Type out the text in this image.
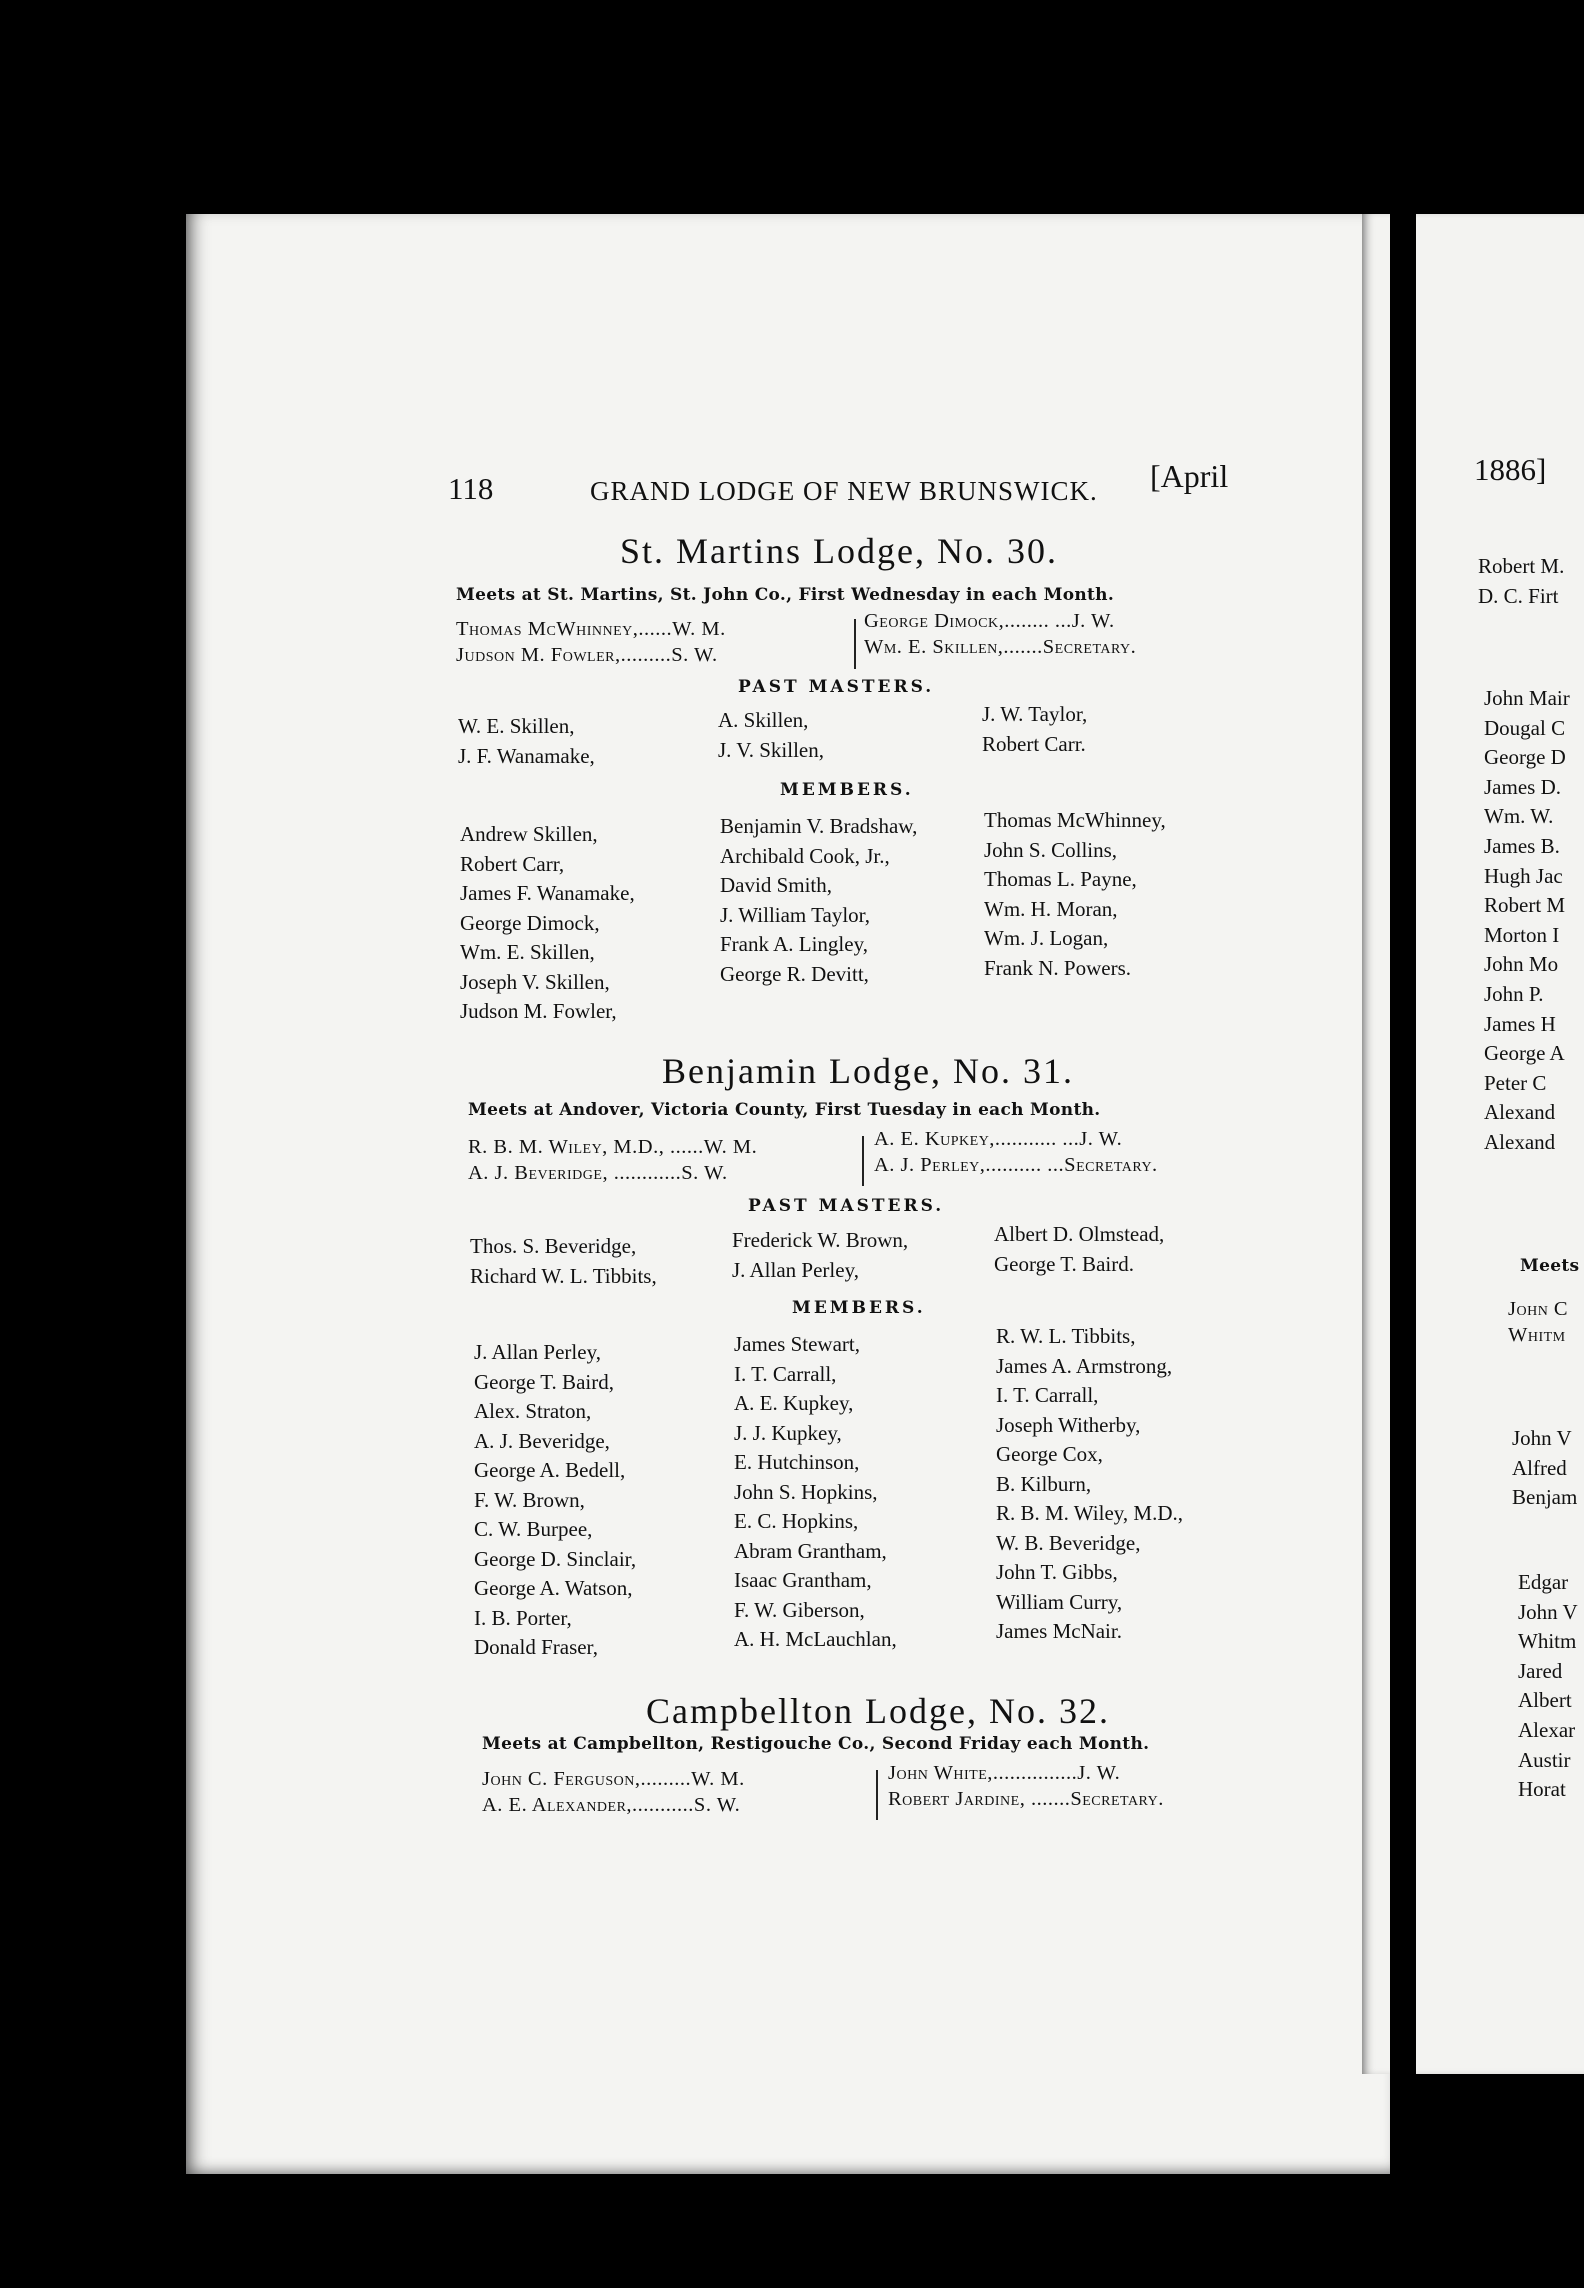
118	GRAND LODGE OF NEW BRUNSWICK. [April
St. Martins Lodge, No. 30.
Meets at St. Martins, St. John Co., First Wednesday in each Month.
Thomas McWhinney,......W. M.
Judson M. Fowler,.........S. W.
George Dimock,........ ...J. W.
Wm. E. Skillen,.......Secretary.
PAST MASTERS.
W. E. Skillen,
J. F. Wanamake,
A. Skillen,
J. V. Skillen,
J. W. Taylor,
Robert Carr.
MEMBERS.
Andrew Skillen,
Robert Carr,
James F. Wanamake,
George Dimock,
Wm. E. Skillen,
Joseph V. Skillen,
Judson M. Fowler,
Benjamin V. Bradshaw,
Archibald Cook, Jr.,
David Smith,
J. William Taylor,
Frank A. Lingley,
George R. Devitt,
Thomas McWhinney,
John S. Collins,
Thomas L. Payne,
Wm. H. Moran,
Wm. J. Logan,
Frank N. Powers.
Benjamin Lodge, No. 31.
Meets at Andover, Victoria County, First Tuesday in each Month.
R. B. M. Wiley, M.D., ......W. M.
A. J. Beveridge, ............S. W.
A. E. Kupkey,........... ...J. W.
A. J. Perley,.......... ...Secretary.
PAST MASTERS.
Thos. S. Beveridge,
Richard W. L. Tibbits,
Frederick W. Brown,
J. Allan Perley,
Albert D. Olmstead,
George T. Baird.
MEMBERS.
J. Allan Perley,
George T. Baird,
Alex. Straton,
A. J. Beveridge,
George A. Bedell,
F. W. Brown,
C. W. Burpee,
George D. Sinclair,
George A. Watson,
I. B. Porter,
Donald Fraser,
James Stewart,
I. T. Carrall,
A. E. Kupkey,
J. J. Kupkey,
E. Hutchinson,
John S. Hopkins,
E. C. Hopkins,
Abram Grantham,
Isaac Grantham,
F. W. Giberson,
A. H. McLauchlan,
R. W. L. Tibbits,
James A. Armstrong,
I. T. Carrall,
Joseph Witherby,
George Cox,
B. Kilburn,
R. B. M. Wiley, M.D.,
W. B. Beveridge,
John T. Gibbs,
William Curry,
James McNair.
Campbellton Lodge, No. 32.
Meets at Campbellton, Restigouche Co., Second Friday each Month.
John C. Ferguson,.........W. M.
A. E. Alexander,...........S. W.
John White,...............J. W.
Robert Jardine, .......Secretary.
1886]
Robert M.
D. C. Firt
John Mair
Dougal C
George D
James D.
Wm. W.
James B.
Hugh Jac
Robert M
Morton I
John Mo
John P.
James H
George A
Peter C
Alexand
Alexand
Meets
John C
Whitm
John V
Alfred
Benjam
Edgar
John V
Whitm
Jared
Albert
Alexar
Austir
Horat
